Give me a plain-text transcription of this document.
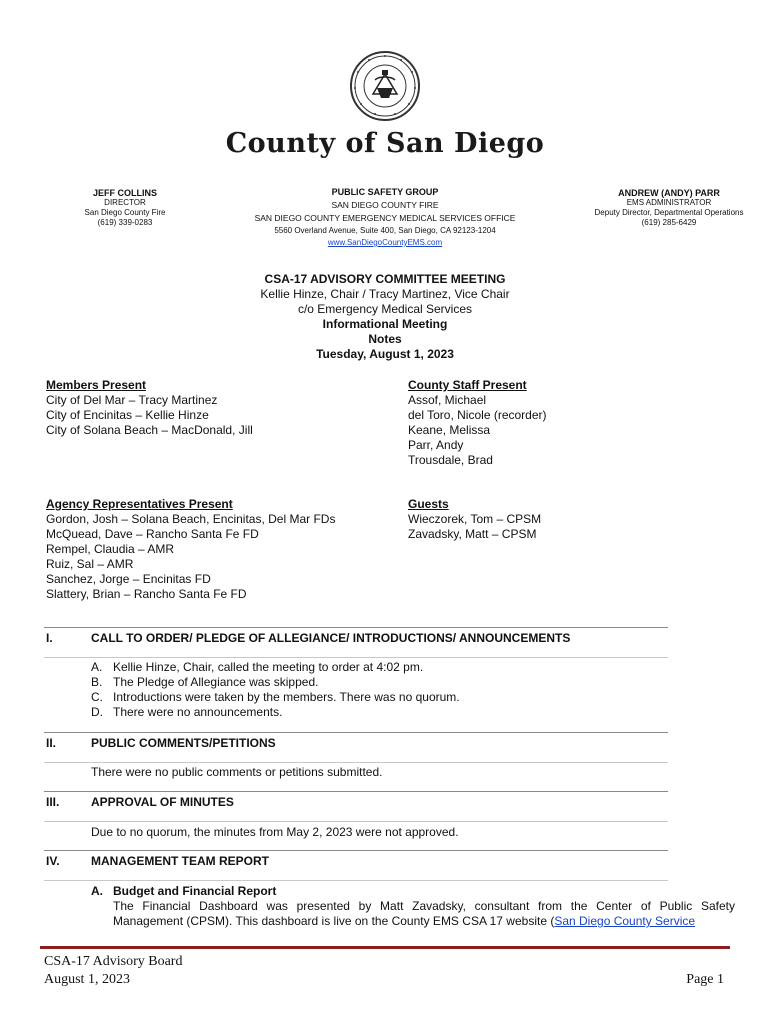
County of San Diego
JEFF COLLINS
DIRECTOR
San Diego County Fire
(619) 339-0283
PUBLIC SAFETY GROUP
SAN DIEGO COUNTY FIRE
SAN DIEGO COUNTY EMERGENCY MEDICAL SERVICES OFFICE
5560 Overland Avenue, Suite 400, San Diego, CA 92123-1204
www.SanDiegoCountyEMS.com
ANDREW (ANDY) PARR
EMS ADMINISTRATOR
Deputy Director, Departmental Operations
(619) 285-6429
CSA-17 ADVISORY COMMITTEE MEETING
Kellie Hinze, Chair / Tracy Martinez, Vice Chair
c/o Emergency Medical Services
Informational Meeting
Notes
Tuesday, August 1, 2023
Members Present
City of Del Mar – Tracy Martinez
City of Encinitas – Kellie Hinze
City of Solana Beach – MacDonald, Jill
County Staff Present
Assof, Michael
del Toro, Nicole (recorder)
Keane, Melissa
Parr, Andy
Trousdale, Brad
Agency Representatives Present
Gordon, Josh – Solana Beach, Encinitas, Del Mar FDs
McQuead, Dave – Rancho Santa Fe FD
Rempel, Claudia – AMR
Ruiz, Sal – AMR
Sanchez, Jorge – Encinitas FD
Slattery, Brian – Rancho Santa Fe FD
Guests
Wieczorek, Tom – CPSM
Zavadsky, Matt – CPSM
I.	CALL TO ORDER/ PLEDGE OF ALLEGIANCE/ INTRODUCTIONS/ ANNOUNCEMENTS
A. Kellie Hinze, Chair, called the meeting to order at 4:02 pm.
B. The Pledge of Allegiance was skipped.
C. Introductions were taken by the members. There was no quorum.
D. There were no announcements.
II.	PUBLIC COMMENTS/PETITIONS
There were no public comments or petitions submitted.
III.	APPROVAL OF MINUTES
Due to no quorum, the minutes from May 2, 2023 were not approved.
IV.	MANAGEMENT TEAM REPORT
A. Budget and Financial Report
The Financial Dashboard was presented by Matt Zavadsky, consultant from the Center of Public Safety
Management (CPSM). This dashboard is live on the County EMS CSA 17 website (San Diego County Service
CSA-17 Advisory Board
August 1, 2023	Page 1
